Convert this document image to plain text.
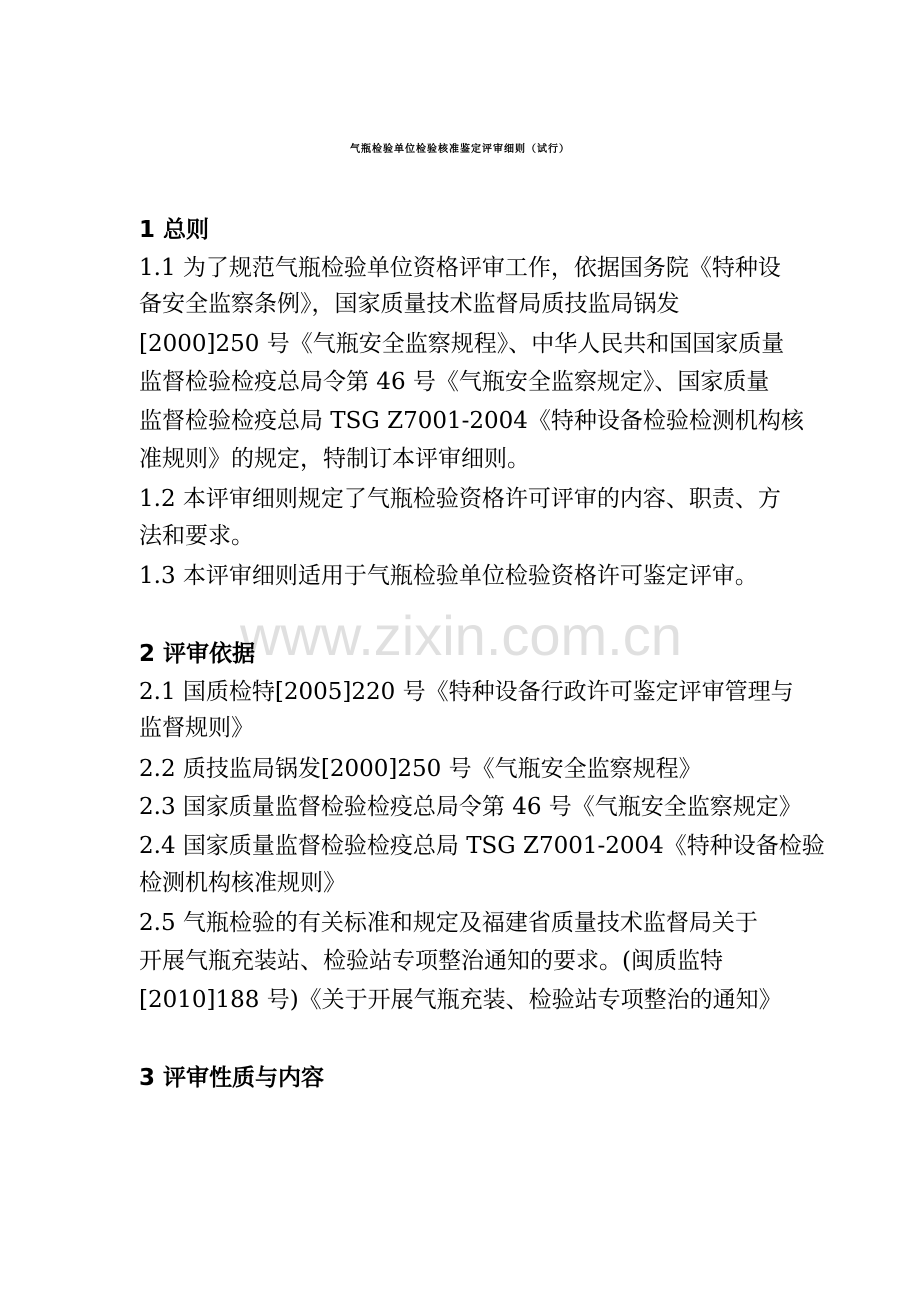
www.zixin.com.cn
气瓶检验单位检验核准鉴定评审细则（试行）
1 总则
1.1 为了规范气瓶检验单位资格评审工作，依据国务院《特种设
备安全监察条例》，国家质量技术监督局质技监局锅发
[2000]250 号《气瓶安全监察规程》、中华人民共和国国家质量
监督检验检疫总局令第 46 号《气瓶安全监察规定》、国家质量
监督检验检疫总局 TSG Z7001-2004《特种设备检验检测机构核
准规则》的规定，特制订本评审细则。
1.2 本评审细则规定了气瓶检验资格许可评审的内容、职责、方
法和要求。
1.3 本评审细则适用于气瓶检验单位检验资格许可鉴定评审。
2 评审依据
2.1 国质检特[2005]220 号《特种设备行政许可鉴定评审管理与
监督规则》
2.2 质技监局锅发[2000]250 号《气瓶安全监察规程》
2.3 国家质量监督检验检疫总局令第 46 号《气瓶安全监察规定》
2.4 国家质量监督检验检疫总局 TSG Z7001-2004《特种设备检验
检测机构核准规则》
2.5 气瓶检验的有关标准和规定及福建省质量技术监督局关于
开展气瓶充装站、检验站专项整治通知的要求。(闽质监特
[2010]188 号)《关于开展气瓶充装、检验站专项整治的通知》
3 评审性质与内容
